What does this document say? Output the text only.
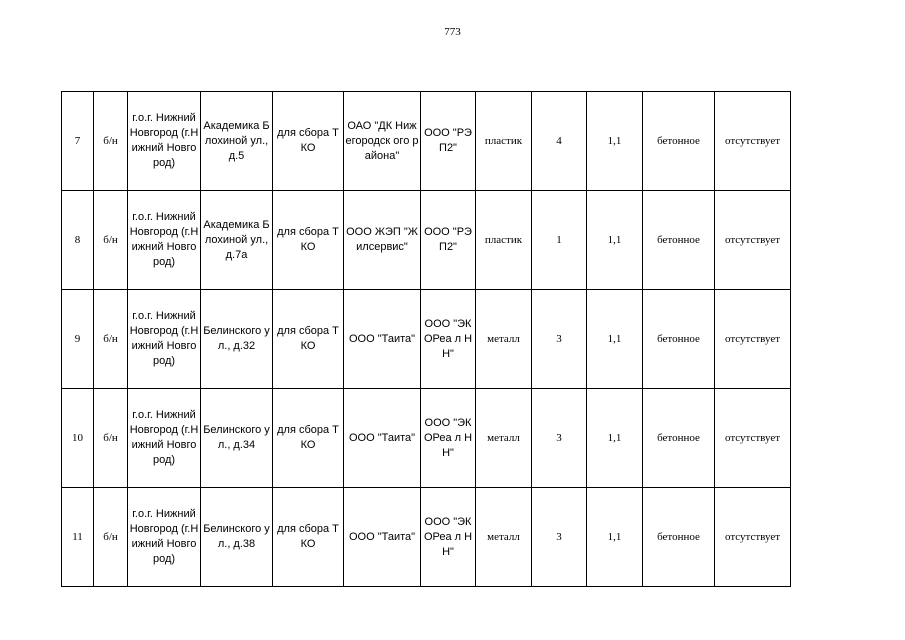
773
7	б/н	г.о.г. Нижний Новгород (г.Нижний Новгород)	Академика Блохиной ул., д.5	для сбора ТКО	ОАО "ДК Нижегородск ого района"	ООО "РЭП2"	пластик	4	1,1	бетонное	отсутствует
8	б/н	г.о.г. Нижний Новгород (г.Нижний Новгород)	Академика Блохиной ул., д.7а	для сбора ТКО	ООО ЖЭП "Жилсервис"	ООО "РЭП2"	пластик	1	1,1	бетонное	отсутствует
9	б/н	г.о.г. Нижний Новгород (г.Нижний Новгород)	Белинского ул., д.32	для сбора ТКО	ООО "Таита"	ООО "ЭКОРеа л НН"	металл	3	1,1	бетонное	отсутствует
10	б/н	г.о.г. Нижний Новгород (г.Нижний Новгород)	Белинского ул., д.34	для сбора ТКО	ООО "Таита"	ООО "ЭКОРеа л НН"	металл	3	1,1	бетонное	отсутствует
11	б/н	г.о.г. Нижний Новгород (г.Нижний Новгород)	Белинского ул., д.38	для сбора ТКО	ООО "Таита"	ООО "ЭКОРеа л НН"	металл	3	1,1	бетонное	отсутствует
